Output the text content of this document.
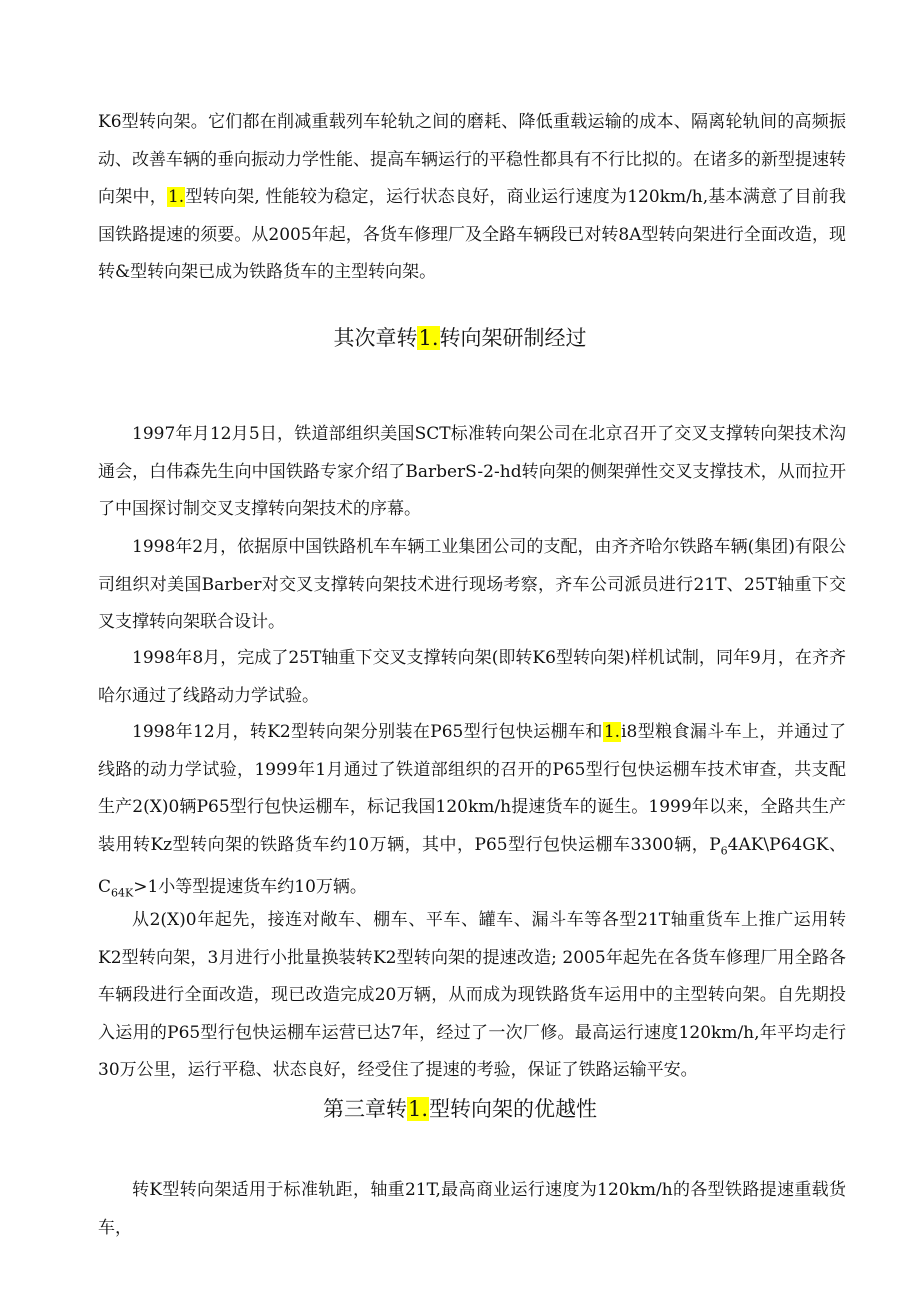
K6型转向架。它们都在削减重载列车轮轨之间的磨耗、降低重载运输的成本、隔离轮轨间的高频振动、改善车辆的垂向振动力学性能、提高车辆运行的平稳性都具有不行比拟的。在诸多的新型提速转向架中，1.型转向架, 性能较为稳定，运行状态良好，商业运行速度为120km/h,基本满意了目前我国铁路提速的须要。从2005年起，各货车修理厂及全路车辆段已对转8A型转向架进行全面改造，现转&型转向架已成为铁路货车的主型转向架。

其次章转1.转向架研制经过

1997年月12月5日，铁道部组织美国SCT标准转向架公司在北京召开了交叉支撑转向架技术沟通会，白伟森先生向中国铁路专家介绍了BarberS-2-hd转向架的侧架弹性交叉支撑技术，从而拉开了中国探讨制交叉支撑转向架技术的序幕。

1998年2月，依据原中国铁路机车车辆工业集团公司的支配，由齐齐哈尔铁路车辆(集团)有限公司组织对美国Barber对交叉支撑转向架技术进行现场考察，齐车公司派员进行21T、25T轴重下交叉支撑转向架联合设计。

1998年8月，完成了25T轴重下交叉支撑转向架(即转K6型转向架)样机试制，同年9月，在齐齐哈尔通过了线路动力学试验。

1998年12月，转K2型转向架分别装在P65型行包快运棚车和1.i8型粮食漏斗车上，并通过了线路的动力学试验，1999年1月通过了铁道部组织的召开的P65型行包快运棚车技术审查，共支配生产2(X)0辆P65型行包快运棚车，标记我国120km/h提速货车的诞生。1999年以来，全路共生产装用转Kz型转向架的铁路货车约10万辆，其中，P65型行包快运棚车3300辆，$P_64AK\backslash P64GK$、$C_{64K}>1$小等型提速货车约10万辆。

从2(X)0年起先，接连对敞车、棚车、平车、罐车、漏斗车等各型21T轴重货车上推广运用转K2型转向架，3月进行小批量换装转K2型转向架的提速改造; 2005年起先在各货车修理厂用全路各车辆段进行全面改造，现已改造完成20万辆，从而成为现铁路货车运用中的主型转向架。自先期投入运用的P65型行包快运棚车运营已达7年，经过了一次厂修。最高运行速度120km/h,年平均走行30万公里，运行平稳、状态良好，经受住了提速的考验，保证了铁路运输平安。

第三章转1.型转向架的优越性

转K型转向架适用于标准轨距，轴重21T,最高商业运行速度为120km/h的各型铁路提速重载货车，
